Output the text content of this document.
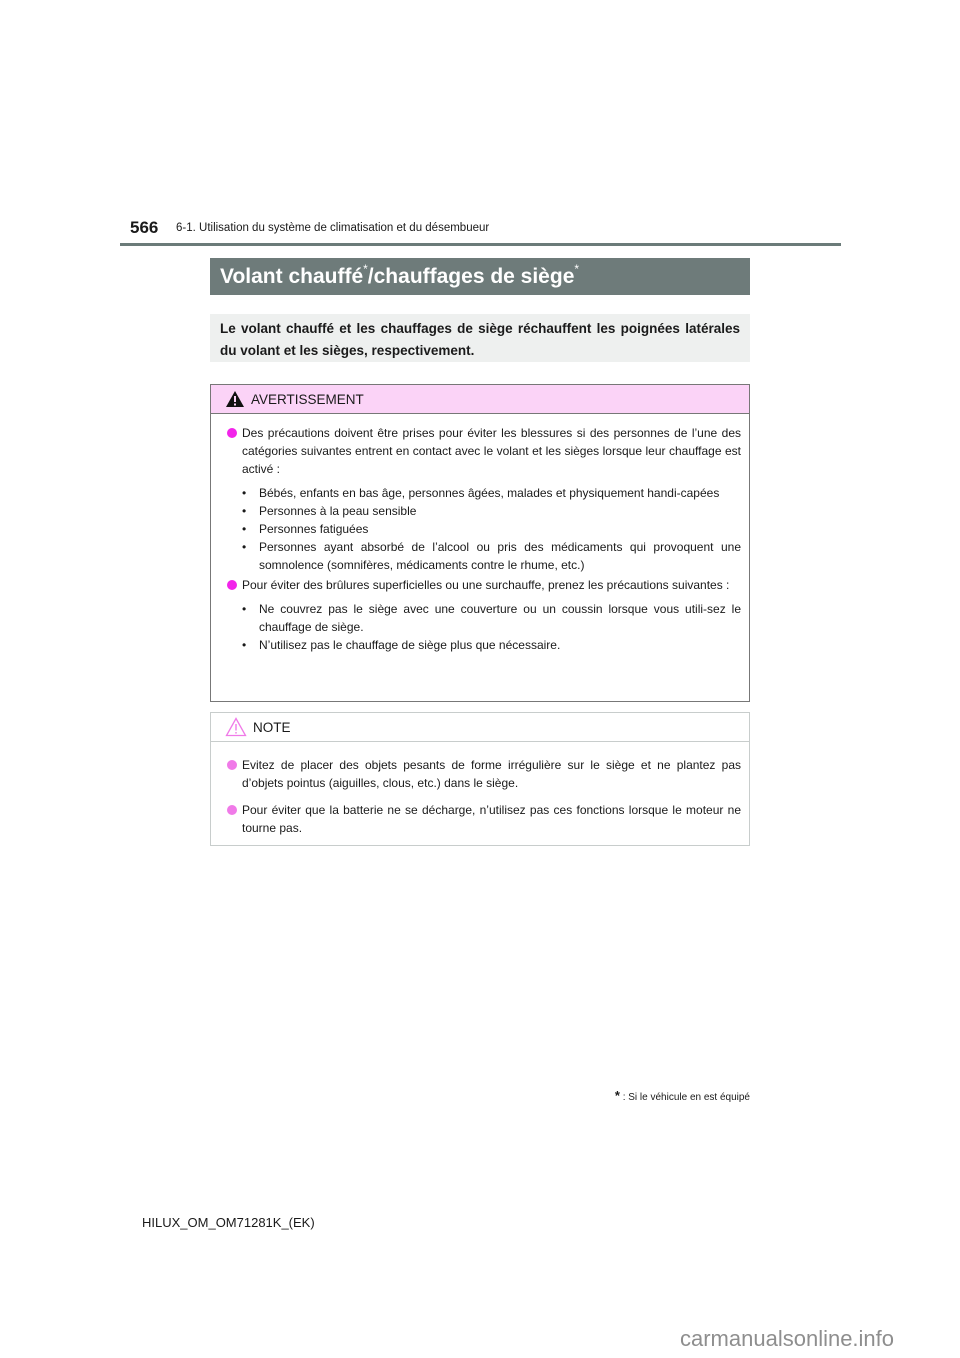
566 6-1. Utilisation du système de climatisation et du désembueur
Volant chauffé*/chauffages de siège*
Le volant chauffé et les chauffages de siège réchauffent les poignées latérales du volant et les sièges, respectivement.
AVERTISSEMENT
Des précautions doivent être prises pour éviter les blessures si des personnes de l’une des catégories suivantes entrent en contact avec le volant et les sièges lorsque leur chauffage est activé :
• Bébés, enfants en bas âge, personnes âgées, malades et physiquement handi-capées
• Personnes à la peau sensible
• Personnes fatiguées
• Personnes ayant absorbé de l’alcool ou pris des médicaments qui provoquent une somnolence (somnifères, médicaments contre le rhume, etc.)
Pour éviter des brûlures superficielles ou une surchauffe, prenez les précautions suivantes :
• Ne couvrez pas le siège avec une couverture ou un coussin lorsque vous utili-sez le chauffage de siège.
• N’utilisez pas le chauffage de siège plus que nécessaire.
NOTE
Evitez de placer des objets pesants de forme irrégulière sur le siège et ne plantez pas d’objets pointus (aiguilles, clous, etc.) dans le siège.
Pour éviter que la batterie ne se décharge, n’utilisez pas ces fonctions lorsque le moteur ne tourne pas.
* : Si le véhicule en est équipé
HILUX_OM_OM71281K_(EK)
carmanualsonline.info
